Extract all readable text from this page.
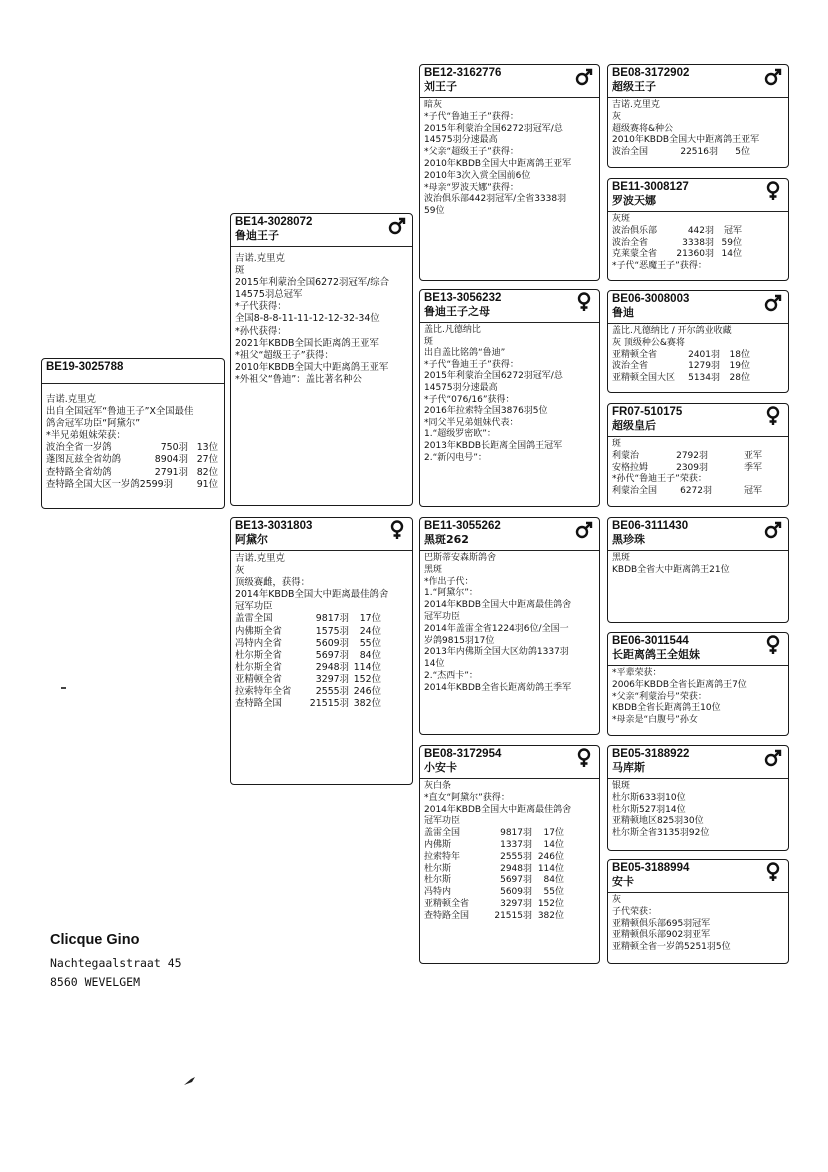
BE19-3025788
吉诺.克里克
出自全国冠军“鲁迪王子”X全国最佳
鸽舍冠军功臣“阿黛尔”
*半兄弟姐妹荣获：
波治全省一岁鸽	750羽 13位
蓬图瓦兹全省幼鸽	8904羽 27位
查特路全省幼鸽	2791羽 82位
查特路全国大区一岁鸽2599羽	91位
BE14-3028072
鲁迪王子
吉诺.克里克
斑
2015年利蒙治全国6272羽冠军/综合
14575羽总冠军
*子代获得：
全国8-8-8-11-11-12-12-32-34位
*孙代获得：
2021年KBDB全国长距离鸽王亚军
*祖父“超级王子”获得：
2010年KBDB全国大中距离鸽王亚军
*外祖父“鲁迪”：盖比著名种公
BE13-3031803
阿黛尔
吉诺.克里克
灰
顶级赛雌，获得：
2014年KBDB全国大中距离最佳鸽舍
冠军功臣
盖雷全国	9817羽	17位
内佛斯全省	1575羽	24位
冯特内全省	5609羽	55位
杜尔斯全省	5697羽	84位
杜尔斯全省	2948羽 114位
亚精顿全省	3297羽 152位
拉索特年全省	2555羽 246位
查特路全国	21515羽 382位
BE12-3162776
刘王子
暗灰
*子代“鲁迪王子”获得：
2015年利蒙治全国6272羽冠军/总
14575羽分速最高
*父亲“超级王子”获得：
2010年KBDB全国大中距离鸽王亚军
2010年3次入赏全国前6位
*母亲“罗波天娜”获得：
波治俱乐部442羽冠军/全省3338羽
59位
BE13-3056232
鲁迪王子之母
盖比.凡德纳比
斑
出自盖比铭鸽“鲁迪”
*子代“鲁迪王子”获得：
2015年利蒙治全国6272羽冠军/总
14575羽分速最高
*子代“076/16”获得：
2016年拉索特全国3876羽5位
*同父半兄弟姐妹代表：
1.“超级罗密欧”：
2013年KBDB长距离全国鸽王冠军
2.“新闪电号”：
BE11-3055262
黑斑262
巴斯蒂安森斯鸽舍
黑斑
*作出子代：
1.“阿黛尔”：
2014年KBDB全国大中距离最佳鸽舍
冠军功臣
2014年盖雷全省1224羽6位/全国一
岁鸽9815羽17位
2013年内佛斯全国大区幼鸽1337羽
14位
2.“杰西卡”：
2014年KBDB全省长距离幼鸽王季军
BE08-3172954
小安卡
灰白条
*直女“阿黛尔”获得：
2014年KBDB全国大中距离最佳鸽舍
冠军功臣
盖雷全国	9817羽	17位
内佛斯	1337羽	14位
拉索特年	2555羽 246位
杜尔斯	2948羽 114位
杜尔斯	5697羽	84位
冯特内	5609羽	55位
亚精顿全省	3297羽 152位
查特路全国	21515羽 382位
BE08-3172902
超级王子
吉诺.克里克
灰
超级赛将&种公
2010年KBDB全国大中距离鸽王亚军
波治全国	22516羽	5位
BE11-3008127
罗波天娜
灰斑
波治俱乐部	442羽	冠军
波治全省	3338羽 59位
克莱蒙全省	21360羽 14位
*子代“恶魔王子”获得：
BE06-3008003
鲁迪
盖比.凡德纳比 / 开尔鸽业收藏
灰 顶级种公&赛将
亚精顿全省	2401羽	18位
波治全省	1279羽	19位
亚精顿全国大区	5134羽	28位
FR07-510175
超级皇后
斑
利蒙治	2792羽	亚军
安格拉姆	2309羽	季军
*孙代“鲁迪王子”荣获：
利蒙治全国	6272羽	冠军
BE06-3111430
黑珍珠
黑斑
KBDB全省大中距离鸽王21位
BE06-3011544
长距离鸽王全姐妹
*平辈荣获：
2006年KBDB全省长距离鸽王7位
*父亲“利蒙治号”荣获：
KBDB全省长距离鸽王10位
*母亲是“白腹号”孙女
BE05-3188922
马库斯
银斑
杜尔斯633羽10位
杜尔斯527羽14位
亚精顿地区825羽30位
杜尔斯全省3135羽92位
BE05-3188994
安卡
灰
子代荣获：
亚精顿俱乐部695羽冠军
亚精顿俱乐部902羽亚军
亚精顿全省一岁鸽5251羽5位
Clicque Gino
Nachtegaalstraat 45
8560 WEVELGEM
